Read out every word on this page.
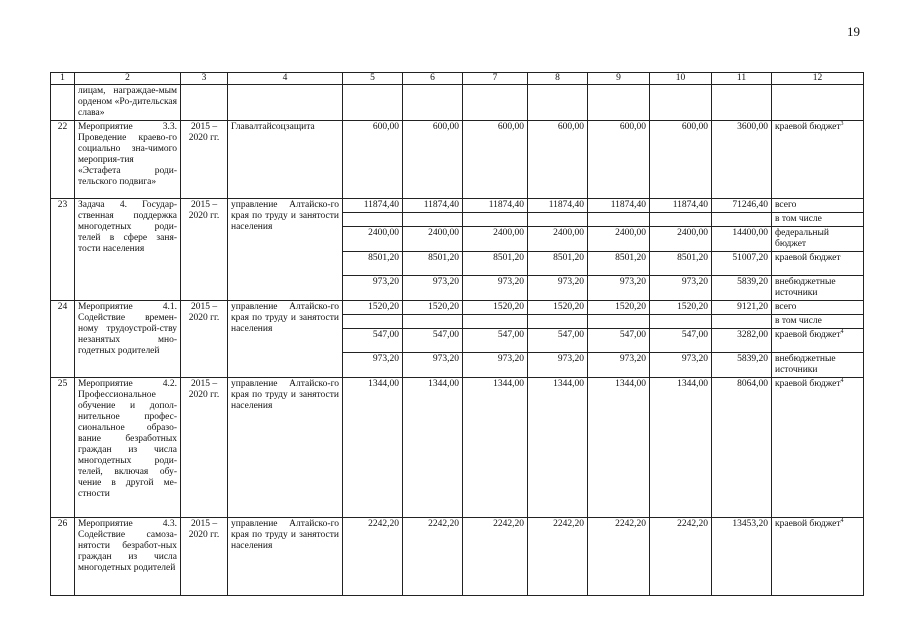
19
1	2	3	4	5	6	7	8	9	10	11	12
	лицам, награждае-мым орденом «Ро-дительская слава»										
22	Мероприятие 3.3. Проведение краево-го социально зна-чимого мероприя-тия «Эстафета роди-тельского подвига»	2015 – 2020 гг.	Главалтайсоцзащита	600,00	600,00	600,00	600,00	600,00	600,00	3600,00	краевой бюджет$^3$
23	Задача 4. Государ-ственная поддержка многодетных роди-телей в сфере заня-тости населения	2015 – 2020 гг.	управление Алтайско-го края по труду и занятости населения	11874,40	11874,40	11874,40	11874,40	11874,40	11874,40	71246,40	всего
											в том числе
				2400,00	2400,00	2400,00	2400,00	2400,00	2400,00	14400,00	федеральный бюджет
				8501,20	8501,20	8501,20	8501,20	8501,20	8501,20	51007,20	краевой бюджет
				973,20	973,20	973,20	973,20	973,20	973,20	5839,20	внебюджетные источники
24	Мероприятие 4.1. Содействие времен-ному трудоустрой-ству незанятых мно-годетных родителей	2015 – 2020 гг.	управление Алтайско-го края по труду и занятости населения	1520,20	1520,20	1520,20	1520,20	1520,20	1520,20	9121,20	всего
											в том числе
				547,00	547,00	547,00	547,00	547,00	547,00	3282,00	краевой бюджет$^4$
				973,20	973,20	973,20	973,20	973,20	973,20	5839,20	внебюджетные источники
25	Мероприятие 4.2. Профессиональное обучение и допол-нительное профес-сиональное образо-вание безработных граждан из числа многодетных роди-телей, включая обу-чение в другой ме-стности	2015 – 2020 гг.	управление Алтайско-го края по труду и занятости населения	1344,00	1344,00	1344,00	1344,00	1344,00	1344,00	8064,00	краевой бюджет$^4$
26	Мероприятие 4.3. Содействие самоза-нятости безработ-ных граждан из числа многодетных родителей	2015 – 2020 гг.	управление Алтайско-го края по труду и занятости населения	2242,20	2242,20	2242,20	2242,20	2242,20	2242,20	13453,20	краевой бюджет$^4$
